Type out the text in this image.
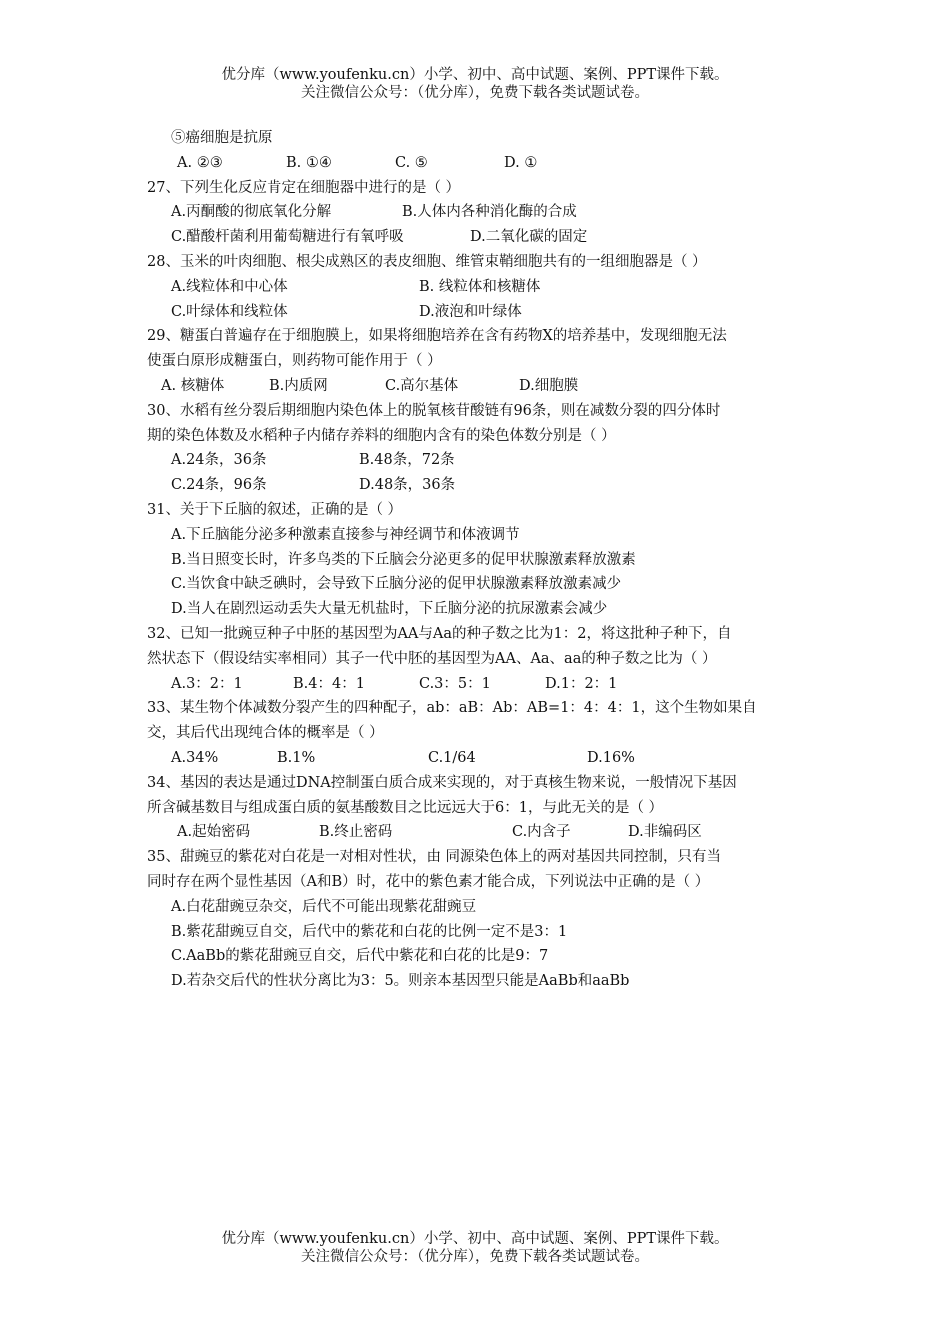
优分库（www.youfenku.cn）小学、初中、高中试题、案例、PPT课件下载。
关注微信公众号：（优分库），免费下载各类试题试卷。
⑤癌细胞是抗原
A. ②③	B. ①④	C. ⑤	D. ①
27、下列生化反应肯定在细胞器中进行的是（ ）
A.丙酮酸的彻底氧化分解	B.人体内各种消化酶的合成
C.醋酸杆菌利用葡萄糖进行有氧呼吸	D.二氧化碳的固定
28、玉米的叶肉细胞、根尖成熟区的表皮细胞、维管束鞘细胞共有的一组细胞器是（ ）
A.线粒体和中心体	B. 线粒体和核糖体
C.叶绿体和线粒体	D.液泡和叶绿体
29、糖蛋白普遍存在于细胞膜上，如果将细胞培养在含有药物X的培养基中，发现细胞无法
使蛋白原形成糖蛋白，则药物可能作用于（ ）
A. 核糖体	B.内质网	C.高尔基体	D.细胞膜
30、水稻有丝分裂后期细胞内染色体上的脱氧核苷酸链有96条，则在减数分裂的四分体时
期的染色体数及水稻种子内储存养料的细胞内含有的染色体数分别是（ ）
A.24条，36条	B.48条，72条
C.24条，96条	D.48条，36条
31、关于下丘脑的叙述，正确的是（ ）
A.下丘脑能分泌多种激素直接参与神经调节和体液调节
B.当日照变长时，许多鸟类的下丘脑会分泌更多的促甲状腺激素释放激素
C.当饮食中缺乏碘时，会导致下丘脑分泌的促甲状腺激素释放激素减少
D.当人在剧烈运动丢失大量无机盐时，下丘脑分泌的抗尿激素会减少
32、已知一批豌豆种子中胚的基因型为AA与Aa的种子数之比为1：2，将这批种子种下，自
然状态下（假设结实率相同）其子一代中胚的基因型为AA、Aa、aa的种子数之比为（ ）
A.3：2：1	B.4：4：1	C.3：5：1	D.1：2：1
33、某生物个体减数分裂产生的四种配子，ab：aB：Ab：AB=1：4：4：1，这个生物如果自
交，其后代出现纯合体的概率是（ ）
A.34%	B.1%	C.1/64	D.16%
34、基因的表达是通过DNA控制蛋白质合成来实现的，对于真核生物来说，一般情况下基因
所含碱基数目与组成蛋白质的氨基酸数目之比远远大于6：1，与此无关的是（ ）
A.起始密码	B.终止密码	C.内含子	D.非编码区
35、甜豌豆的紫花对白花是一对相对性状，由 同源染色体上的两对基因共同控制，只有当
同时存在两个显性基因（A和B）时，花中的紫色素才能合成，下列说法中正确的是（ ）
A.白花甜豌豆杂交，后代不可能出现紫花甜豌豆
B.紫花甜豌豆自交，后代中的紫花和白花的比例一定不是3：1
C.AaBb的紫花甜豌豆自交，后代中紫花和白花的比是9：7
D.若杂交后代的性状分离比为3：5。则亲本基因型只能是AaBb和aaBb
优分库（www.youfenku.cn）小学、初中、高中试题、案例、PPT课件下载。
关注微信公众号：（优分库），免费下载各类试题试卷。
